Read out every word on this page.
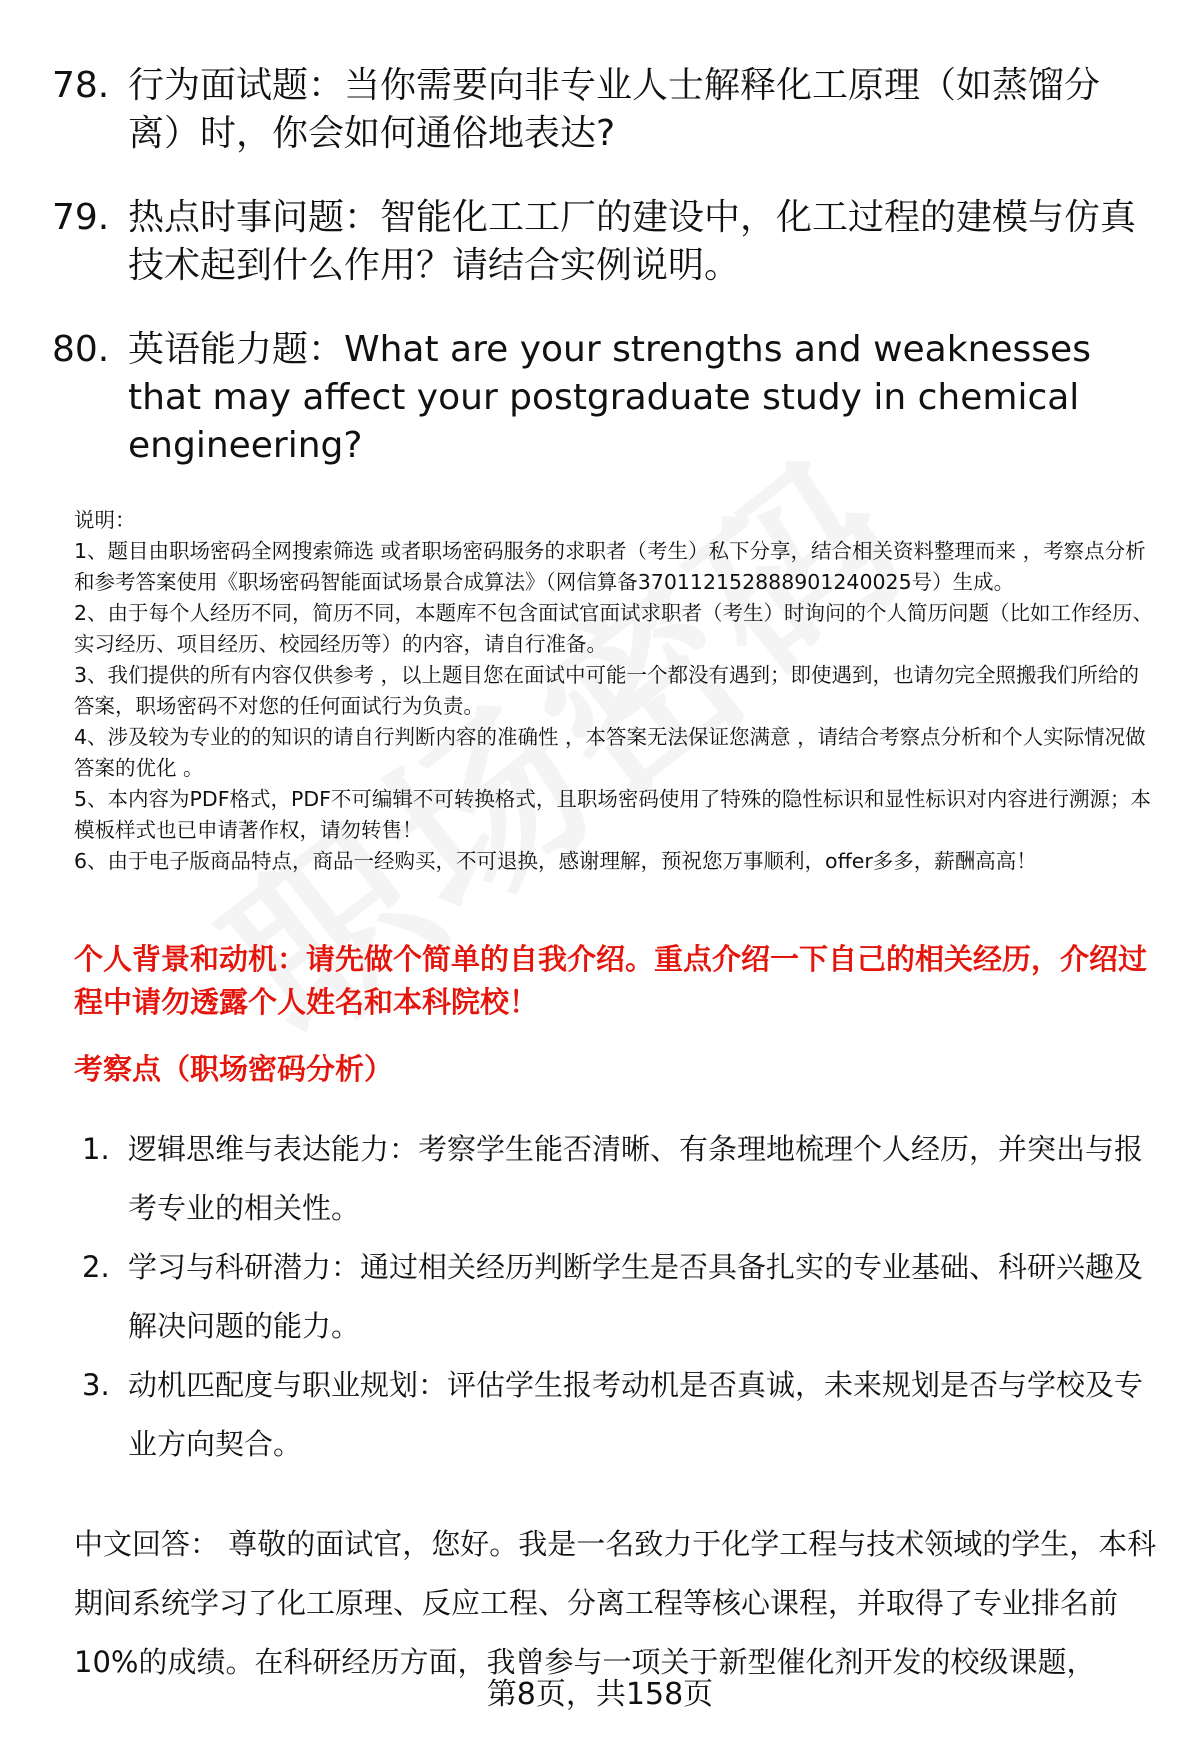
78. 行为面试题：当你需要向非专业人士解释化工原理（如蒸馏分离）时，你会如何通俗地表达?
79. 热点时事问题：智能化工工厂的建设中，化工过程的建模与仿真技术起到什么作用？请结合实例说明。
80. 英语能力题：What are your strengths and weaknesses that may affect your postgraduate study in chemical engineering?

说明：

1、题目由职场密码全网搜索筛选 或者职场密码服务的求职者（考生）私下分享，结合相关资料整理而来 ，考察点分析和参考答案使用《职场密码智能面试场景合成算法》（网信算备370112152888901240025号）生成。

2、由于每个人经历不同，简历不同，本题库不包含面试官面试求职者（考生）时询问的个人简历问题（比如工作经历、实习经历、项目经历、校园经历等）的内容，请自行准备。

3、我们提供的所有内容仅供参考 ，以上题目您在面试中可能一个都没有遇到；即使遇到，也请勿完全照搬我们所给的答案，职场密码不对您的任何面试行为负责。

4、涉及较为专业的的知识的请自行判断内容的准确性 ，本答案无法保证您满意 ，请结合考察点分析和个人实际情况做答案的优化 。

5、本内容为PDF格式，PDF不可编辑不可转换格式，且职场密码使用了特殊的隐性标识和显性标识对内容进行溯源；本模板样式也已申请著作权，请勿转售！

6、由于电子版商品特点，商品一经购买，不可退换，感谢理解，预祝您万事顺利，offer多多，薪酬高高！

个人背景和动机：请先做个简单的自我介绍。重点介绍一下自己的相关经历，介绍过程中请勿透露个人姓名和本科院校！
考察点（职场密码分析）
1. 逻辑思维与表达能力：考察学生能否清晰、有条理地梳理个人经历，并突出与报考专业的相关性。
2. 学习与科研潜力：通过相关经历判断学生是否具备扎实的专业基础、科研兴趣及解决问题的能力。
3. 动机匹配度与职业规划：评估学生报考动机是否真诚，未来规划是否与学校及专业方向契合。
中文回答： 尊敬的面试官，您好。我是一名致力于化学工程与技术领域的学生，本科期间系统学习了化工原理、反应工程、分离工程等核心课程，并取得了专业排名前10%的成绩。在科研经历方面，我曾参与一项关于新型催化剂开发的校级课题，
第8页，共158页
